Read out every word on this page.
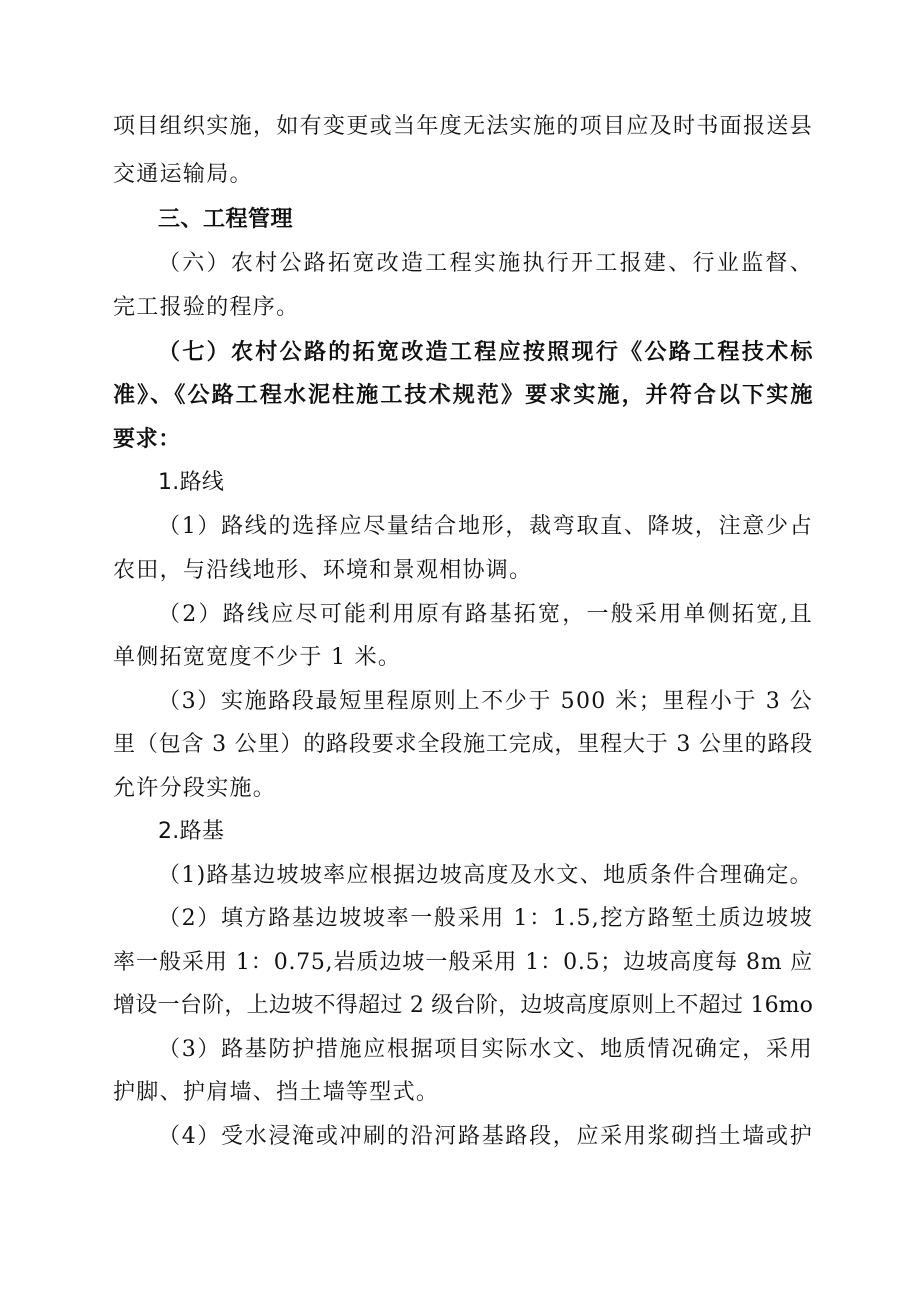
项目组织实施，如有变更或当年度无法实施的项目应及时书面报送县
交通运输局。
三、工程管理
（六）农村公路拓宽改造工程实施执行开工报建、行业监督、
完工报验的程序。
（七）农村公路的拓宽改造工程应按照现行《公路工程技术标
准》、《公路工程水泥柱施工技术规范》要求实施，并符合以下实施
要求：
1.路线
（1）路线的选择应尽量结合地形，裁弯取直、降坡，注意少占
农田，与沿线地形、环境和景观相协调。
（2）路线应尽可能利用原有路基拓宽，一般采用单侧拓宽,且
单侧拓宽宽度不少于 1 米。
（3）实施路段最短里程原则上不少于 500 米；里程小于 3 公
里（包含 3 公里）的路段要求全段施工完成，里程大于 3 公里的路段
允许分段实施。
2.路基
（1)路基边坡坡率应根据边坡高度及水文、地质条件合理确定。
（2）填方路基边坡坡率一般采用 1：1.5,挖方路堑土质边坡坡
率一般采用 1：0.75,岩质边坡一般采用 1：0.5；边坡高度每 8m 应
增设一台阶，上边坡不得超过 2 级台阶，边坡高度原则上不超过 16mo
（3）路基防护措施应根据项目实际水文、地质情况确定，采用
护脚、护肩墙、挡土墙等型式。
（4）受水浸淹或冲刷的沿河路基路段，应采用浆砌挡土墙或护
